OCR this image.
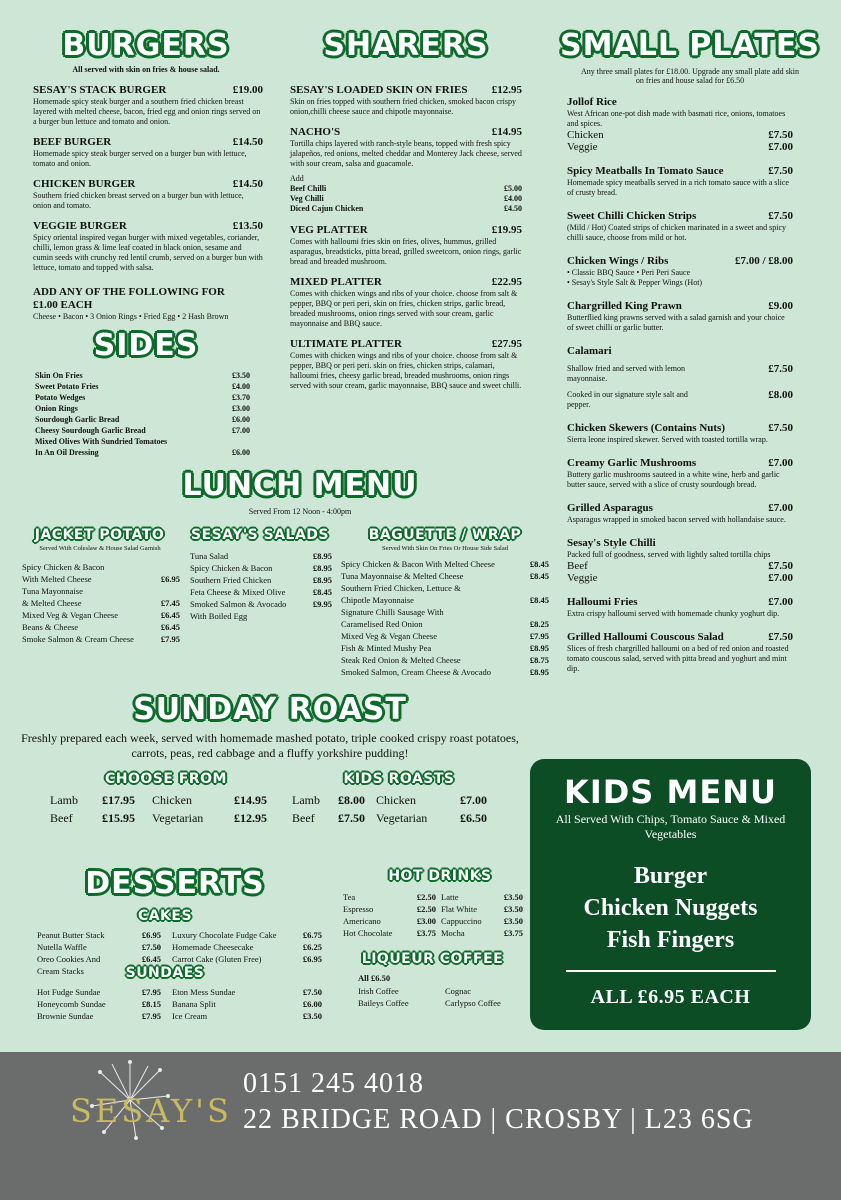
BURGERS
All served with skin on fries & house salad.
SESAY'S STACK BURGER	£19.00
Homemade spicy steak burger and a southern fried chicken breast layered with melted cheese, bacon, fried egg and onion rings served on a burger bun lettuce and tomato and onion.
BEEF BURGER	£14.50
Homemade spicy steak burger served on a burger bun with lettuce, tomato and onion.
CHICKEN BURGER	£14.50
Southern fried chicken breast served on a burger bun with lettuce, onion and tomato.
VEGGIE BURGER	£13.50
Spicy oriental inspired vegan burger with mixed vegetables, coriander, chilli, lemon grass & lime leaf coated in black onion, sesame and cumin seeds with crunchy red lentil crumb, served on a burger bun with lettuce, tomato and topped with salsa.
ADD ANY OF THE FOLLOWING FOR £1.00 EACH
Cheese • Bacon • 3 Onion Rings • Fried Egg • 2 Hash Brown
SIDES
Skin On Fries	£3.50
Sweet Potato Fries	£4.00
Potato Wedges	£3.70
Onion Rings	£3.00
Sourdough Garlic Bread	£6.00
Cheesy Sourdough Garlic Bread	£7.00
Mixed Olives With Sundried Tomatoes
In An Oil Dressing	£6.00
SHARERS
SESAY'S LOADED SKIN ON FRIES £12.95
Skin on fries topped with southern fried chicken, smoked bacon crispy onion,chilli cheese sauce and chipotle mayonnaise.
NACHO'S	£14.95
Tortilla chips layered with ranch-style beans, topped with fresh spicy jalapeños, red onions, melted cheddar and Monterey Jack cheese, served with sour cream, salsa and guacamole.
Add
Beef Chilli	£5.00
Veg Chilli	£4.00
Diced Cajun Chicken	£4.50
VEG PLATTER	£19.95
Comes with halloumi fries skin on fries, olives, hummus, grilled asparagus, breadsticks, pitta bread, grilled sweetcorn, onion rings, garlic bread and breaded mushroom.
MIXED PLATTER	£22.95
Comes with chicken wings and ribs of your choice. choose from salt & pepper, BBQ or peri peri, skin on fries, chicken strips, garlic bread, breaded mushrooms, onion rings served with sour cream, garlic mayonnaise and BBQ sauce.
ULTIMATE PLATTER	£27.95
Comes with chicken wings and ribs of your choice. choose from salt & pepper, BBQ or peri peri. skin on fries, chicken strips, calamari, halloumi fries, cheesy garlic bread, breaded mushrooms, onion rings served with sour cream, garlic mayonnaise, BBQ sauce and sweet chilli.
SMALL PLATES
Any three small plates for £18.00. Upgrade any small plate add skin on fries and house salad for £6.50
Jollof Rice
West African one-pot dish made with basmati rice, onions, tomatoes and spices.
Chicken	£7.50
Veggie	£7.00
Spicy Meatballs In Tomato Sauce	£7.50
Homemade spicy meatballs served in a rich tomato sauce with a slice of crusty bread.
Sweet Chilli Chicken Strips	£7.50
(Mild / Hot) Coated strips of chicken marinated in a sweet and spicy chilli sauce, choose from mild or hot.
Chicken Wings / Ribs	£7.00 / £8.00
• Classic BBQ Sauce • Peri Peri Sauce
• Sesay's Style Salt & Pepper Wings (Hot)
Chargrilled King Prawn	£9.00
Butterflied king prawns served with a salad garnish and your choice of sweet chilli or garlic butter.
Calamari
Shallow fried and served with lemon mayonnaise.
£7.50
Cooked in our signature style salt and pepper.
£8.00
Chicken Skewers (Contains Nuts)	£7.50
Sierra leone inspired skewer. Served with toasted tortilla wrap.
Creamy Garlic Mushrooms	£7.00
Buttery garlic mushrooms sauteed in a white wine, herb and garlic butter sauce, served with a slice of crusty sourdough bread.
Grilled Asparagus	£7.00
Asparagus wrapped in smoked bacon served with hollandaise sauce.
Sesay's Style Chilli
Packed full of goodness, served with lightly salted tortilla chips
Beef	£7.50
Veggie	£7.00
Halloumi Fries	£7.00
Extra crispy halloumi served with homemade chunky yoghurt dip.
Grilled Halloumi Couscous Salad	£7.50
Slices of fresh chargrilled halloumi on a bed of red onion and roasted tomato couscous salad, served with pitta bread and yoghurt and mint dip.
LUNCH MENU
Served From 12 Noon - 4:00pm
JACKET POTATO
Served With Coleslaw & House Salad Garnish
Spicy Chicken & Bacon
With Melted Cheese	£6.95
Tuna Mayonnaise
& Melted Cheese	£7.45
Mixed Veg & Vegan Cheese	£6.45
Beans & Cheese	£6.45
Smoke Salmon & Cream Cheese	£7.95
SESAY'S SALADS
Tuna Salad	£8.95
Spicy Chicken & Bacon	£8.95
Southern Fried Chicken	£8.95
Feta Cheese & Mixed Olive	£8.45
Smoked Salmon & Avocado	£9.95
With Boiled Egg
BAGUETTE / WRAP
Served With Skin On Fries Or House Side Salad
Spicy Chicken & Bacon With Melted Cheese	£8.45
Tuna Mayonnaise & Melted Cheese	£8.45
Southern Fried Chicken, Lettuce &
Chipotle Mayonnaise	£8.45
Signature Chilli Sausage With
Caramelised Red Onion	£8.25
Mixed Veg & Vegan Cheese	£7.95
Fish & Minted Mushy Pea	£8.95
Steak Red Onion & Melted Cheese	£8.75
Smoked Salmon, Cream Cheese & Avocado	£8.95
SUNDAY ROAST
Freshly prepared each week, served with homemade mashed potato, triple cooked crispy roast potatoes, carrots, peas, red cabbage and a fluffy yorkshire pudding!
CHOOSE FROM
Lamb	£17.95	Chicken	£14.95
Beef	£15.95	Vegetarian	£12.95
KIDS ROASTS
Lamb	£8.00 Chicken	£7.00
Beef	£7.50 Vegetarian	£6.50
DESSERTS
CAKES
Peanut Butter Stack	£6.95
Nutella Waffle	£7.50
Oreo Cookies And	£6.45
Cream Stacks
Luxury Chocolate Fudge Cake	£6.75
Homemade Cheesecake	£6.25
Carrot Cake (Gluten Free)	£6.95
SUNDAES
Hot Fudge Sundae	£7.95
Honeycomb Sundae	£8.15
Brownie Sundae	£7.95
Eton Mess Sundae	£7.50
Banana Split	£6.00
Ice Cream	£3.50
HOT DRINKS
Tea	£2.50
Espresso	£2.50
Americano	£3.00
Hot Chocolate	£3.75
Latte	£3.50
Flat White	£3.50
Cappuccino	£3.50
Mocha	£3.75
LIQUEUR COFFEE
All £6.50
Irish Coffee
Baileys Coffee
Cognac
Carlypso Coffee
KIDS MENU
All Served With Chips, Tomato Sauce & Mixed Vegetables
Burger
Chicken Nuggets
Fish Fingers
ALL £6.95 EACH
SESAY'S
0151 245 4018
22 BRIDGE ROAD | CROSBY | L23 6SG
